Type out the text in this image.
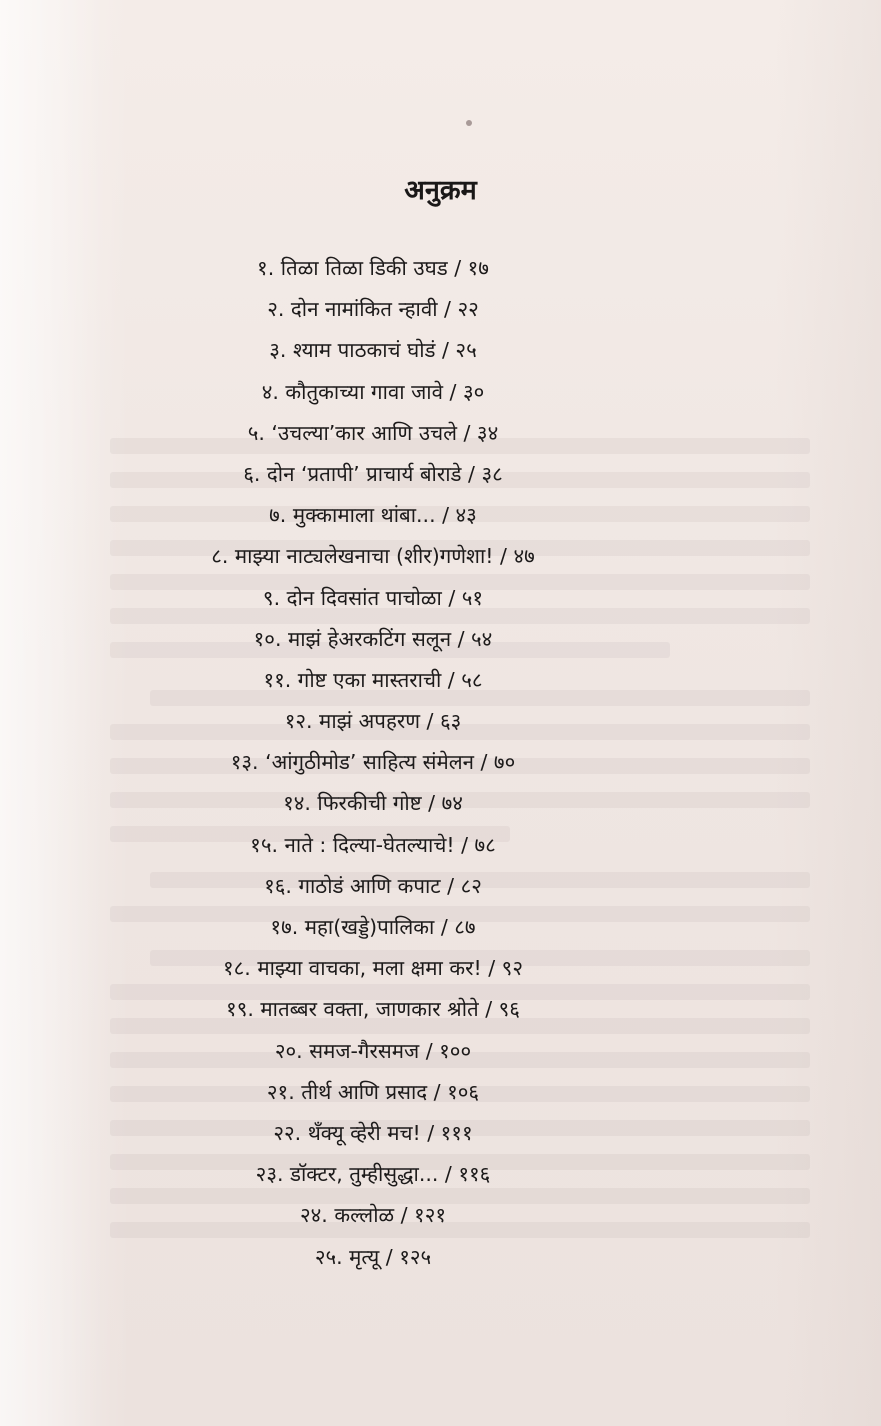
अनुक्रम
१. तिळा तिळा डिकी उघड / १७
२. दोन नामांकित न्हावी / २२
३. श्याम पाठकाचं घोडं / २५
४. कौतुकाच्या गावा जावे / ३०
५. ‘उचल्या’कार आणि उचले / ३४
६. दोन ‘प्रतापी’ प्राचार्य बोराडे / ३८
७. मुक्कामाला थांबा... / ४३
८. माझ्या नाट्यलेखनाचा (शीर)गणेशा! / ४७
९. दोन दिवसांत पाचोळा / ५१
१०. माझं हेअरकटिंग सलून / ५४
११. गोष्ट एका मास्तराची / ५८
१२. माझं अपहरण / ६३
१३. ‘आंगुठीमोड’ साहित्य संमेलन / ७०
१४. फिरकीची गोष्ट / ७४
१५. नाते : दिल्या-घेतल्याचे! / ७८
१६. गाठोडं आणि कपाट / ८२
१७. महा(खड्डे)पालिका / ८७
१८. माझ्या वाचका, मला क्षमा कर! / ९२
१९. मातब्बर वक्ता, जाणकार श्रोते / ९६
२०. समज-गैरसमज / १००
२१. तीर्थ आणि प्रसाद / १०६
२२. थँक्यू व्हेरी मच! / १११
२३. डॉक्टर, तुम्हीसुद्धा... / ११६
२४. कल्लोळ / १२१
२५. मृत्यू / १२५
